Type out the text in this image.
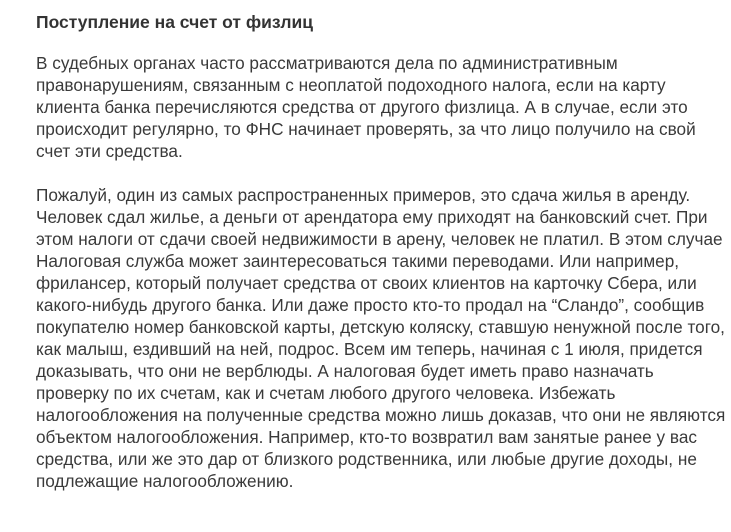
Поступление на счет от физлиц

В судебных органах часто рассматриваются дела по административным правонарушениям, связанным с неоплатой подоходного налога, если на карту клиента банка перечисляются средства от другого физлица. А в случае, если это происходит регулярно, то ФНС начинает проверять, за что лицо получило на свой счет эти средства.

Пожалуй, один из самых распространенных примеров, это сдача жилья в аренду. Человек сдал жилье, а деньги от арендатора ему приходят на банковский счет. При этом налоги от сдачи своей недвижимости в арену, человек не платил. В этом случае Налоговая служба может заинтересоваться такими переводами. Или например, фрилансер, который получает средства от своих клиентов на карточку Сбера, или какого-нибудь другого банка. Или даже просто кто-то продал на “Сландо”, сообщив покупателю номер банковской карты, детскую коляску, ставшую ненужной после того, как малыш, ездивший на ней, подрос. Всем им теперь, начиная с 1 июля, придется доказывать, что они не верблюды. А налоговая будет иметь право назначать проверку по их счетам, как и счетам любого другого человека. Избежать налогообложения на полученные средства можно лишь доказав, что они не являются объектом налогообложения. Например, кто-то возвратил вам занятые ранее у вас средства, или же это дар от близкого родственника, или любые другие доходы, не подлежащие налогообложению.
